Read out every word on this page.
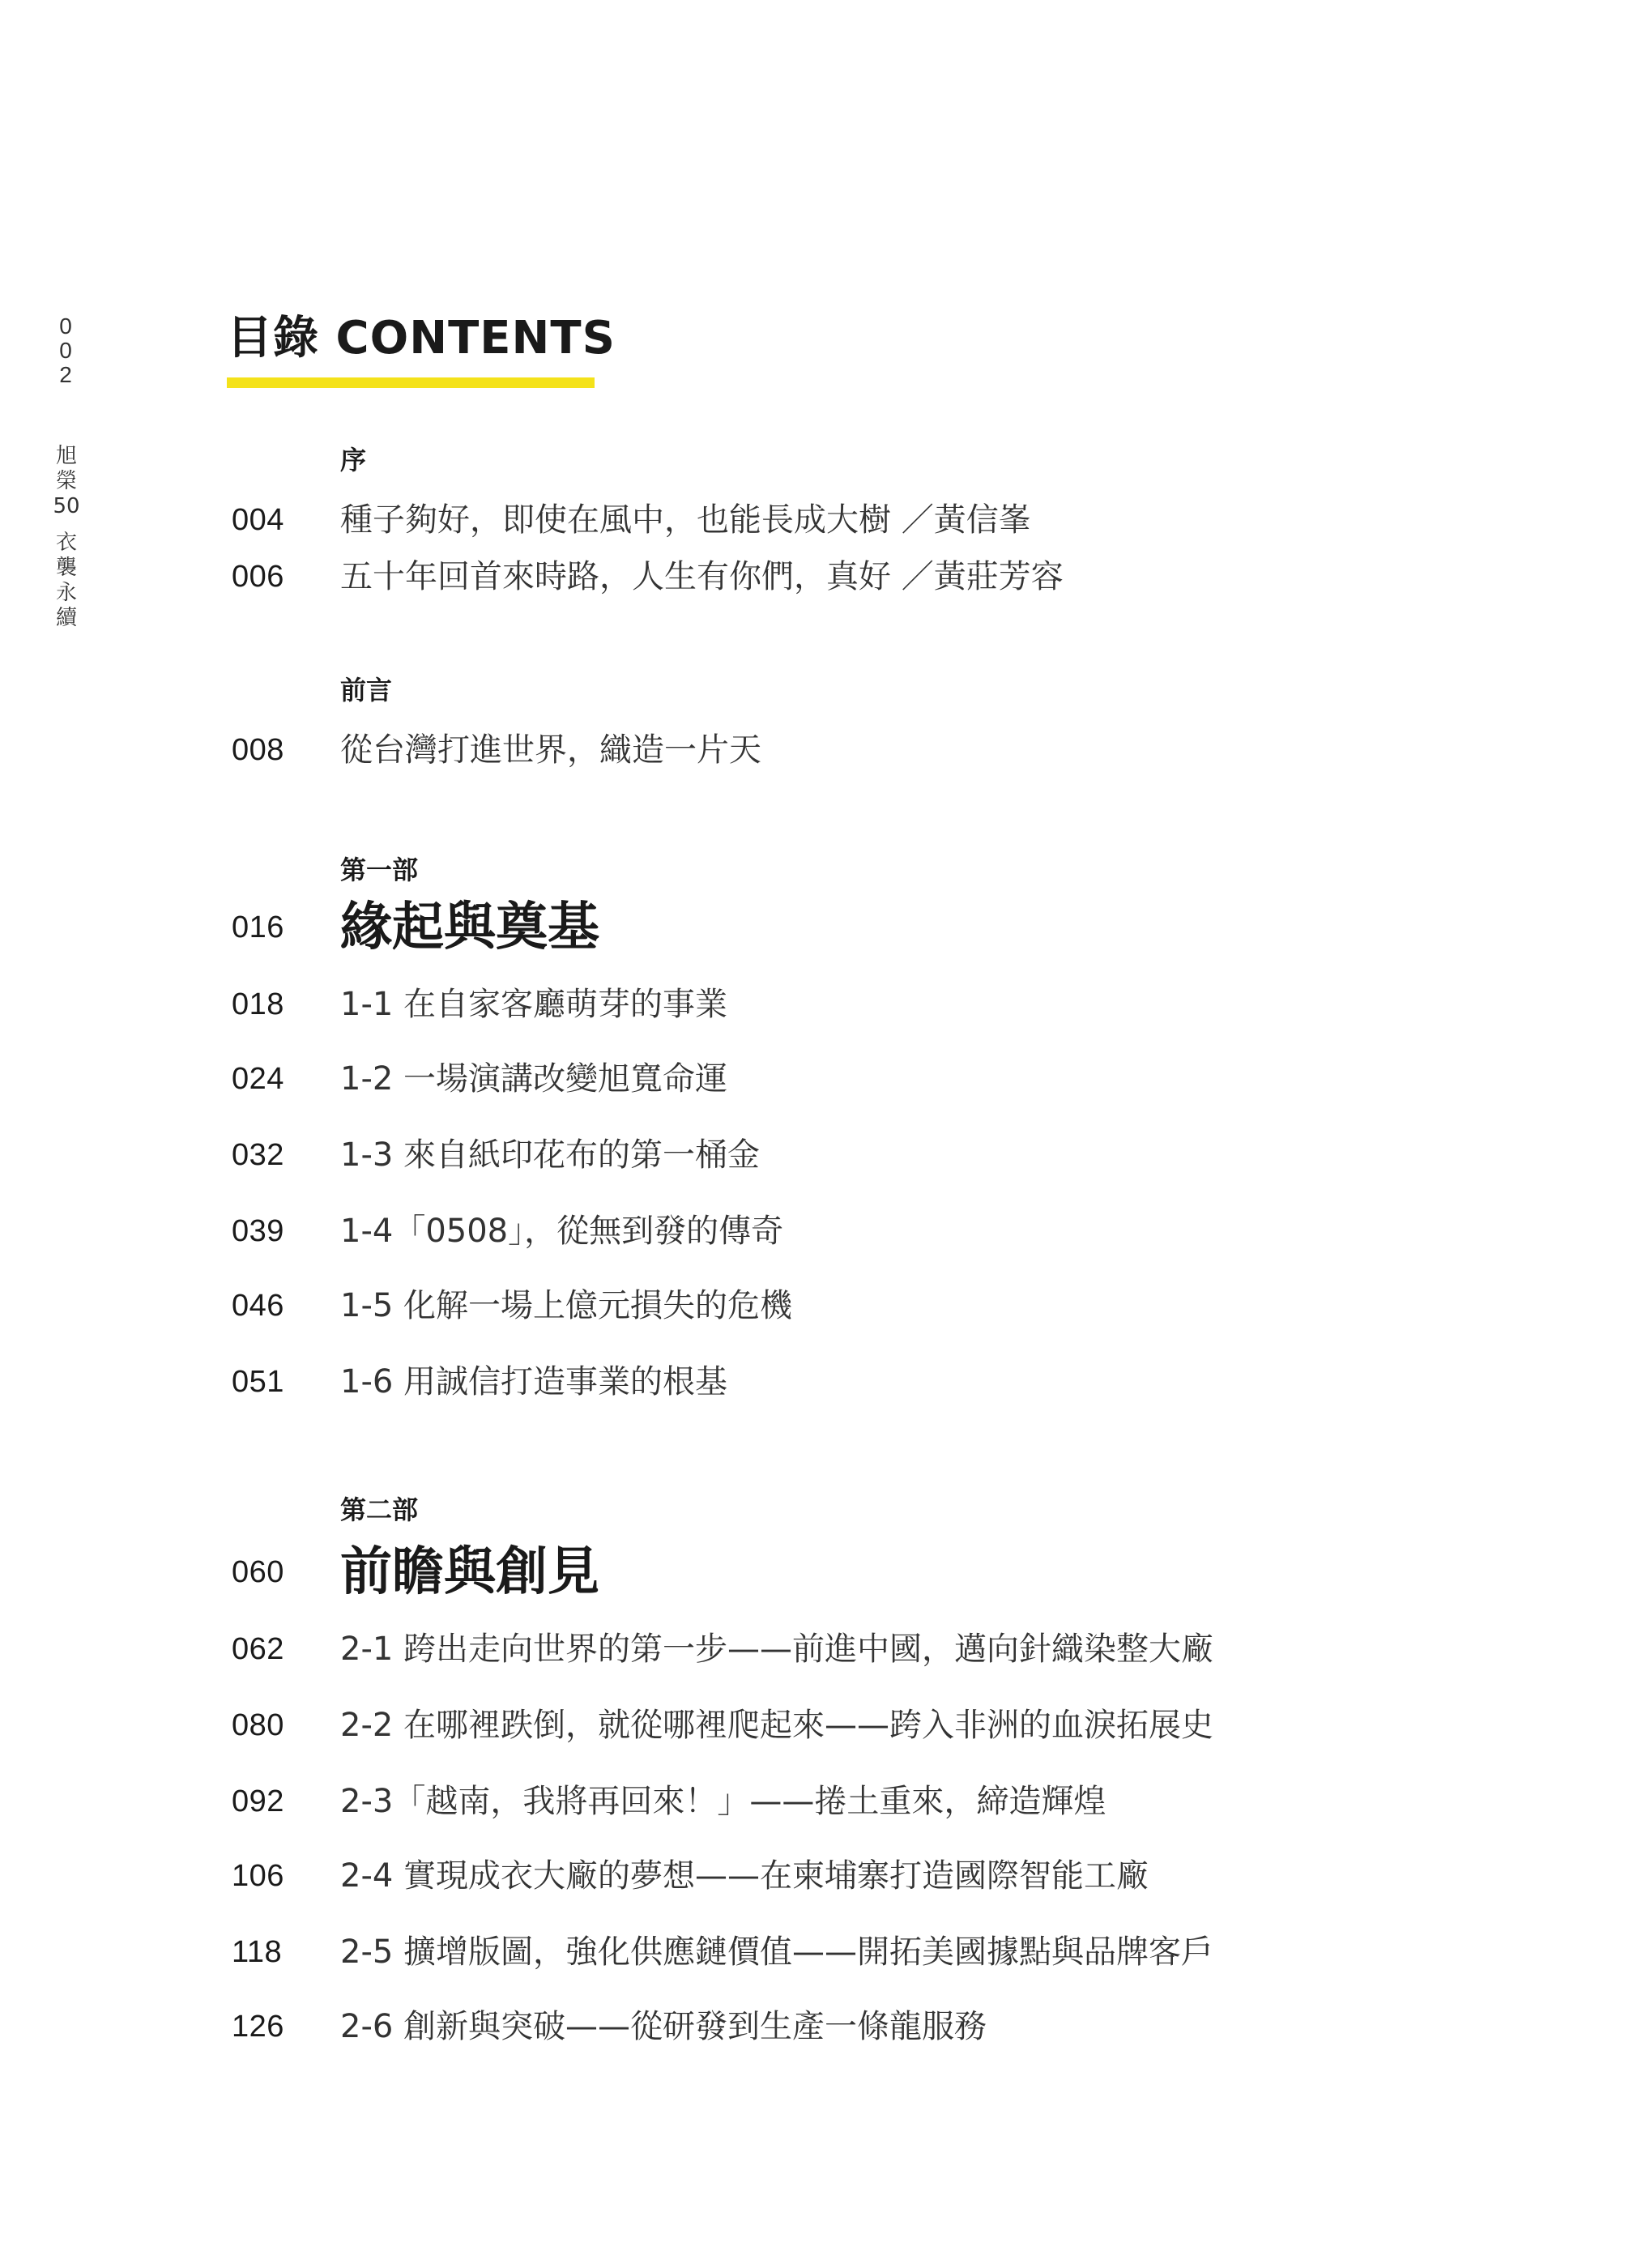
0
0
2
旭
榮
50
衣
襲
永
續
目錄 CONTENTS
序
004 種子夠好，即使在風中，也能長成大樹 ／黃信峯
006 五十年回首來時路，人生有你們，真好 ／黃莊芳容
前言
008 從台灣打進世界，織造一片天
第一部
016 緣起與奠基
018 1-1 在自家客廳萌芽的事業
024 1-2 一場演講改變旭寬命運
032 1-3 來自紙印花布的第一桶金
039 1-4「0508」，從無到發的傳奇
046 1-5 化解一場上億元損失的危機
051 1-6 用誠信打造事業的根基
第二部
060 前瞻與創見
062 2-1 跨出走向世界的第一步——前進中國，邁向針織染整大廠
080 2-2 在哪裡跌倒，就從哪裡爬起來——跨入非洲的血淚拓展史
092 2-3「越南，我將再回來！」——捲土重來，締造輝煌
106 2-4 實現成衣大廠的夢想——在柬埔寨打造國際智能工廠
118 2-5 擴增版圖，強化供應鏈價值——開拓美國據點與品牌客戶
126 2-6 創新與突破——從研發到生產一條龍服務
